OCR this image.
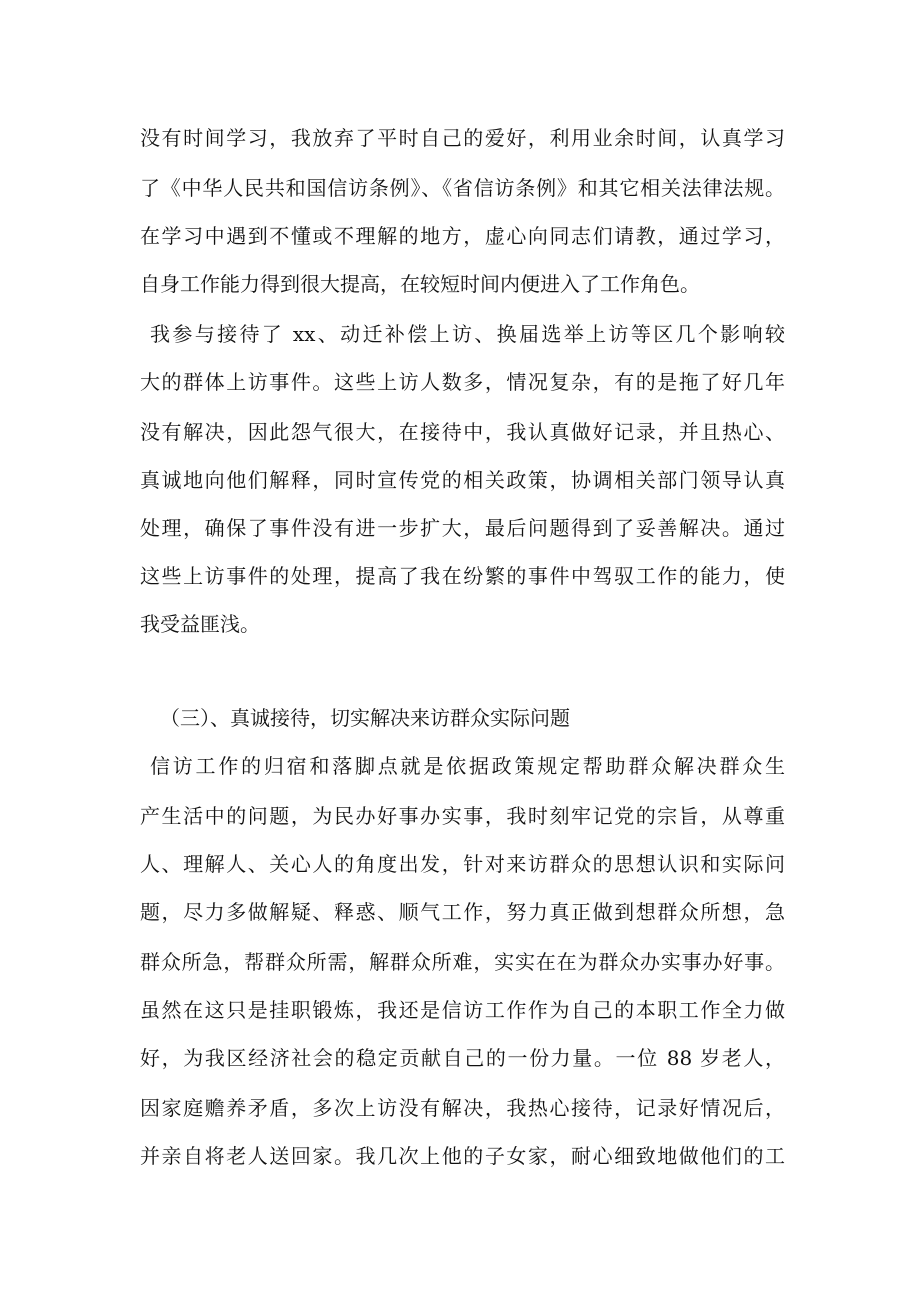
没有时间学习，我放弃了平时自己的爱好，利用业余时间，认真学习
了《中华人民共和国信访条例》、《省信访条例》和其它相关法律法规。
在学习中遇到不懂或不理解的地方，虚心向同志们请教，通过学习，
自身工作能力得到很大提高，在较短时间内便进入了工作角色。
我参与接待了 xx、动迁补偿上访、换届选举上访等区几个影响较
大的群体上访事件。这些上访人数多，情况复杂，有的是拖了好几年
没有解决，因此怨气很大，在接待中，我认真做好记录，并且热心、
真诚地向他们解释，同时宣传党的相关政策，协调相关部门领导认真
处理，确保了事件没有进一步扩大，最后问题得到了妥善解决。通过
这些上访事件的处理，提高了我在纷繁的事件中驾驭工作的能力，使
我受益匪浅。
（三）、真诚接待，切实解决来访群众实际问题
信访工作的归宿和落脚点就是依据政策规定帮助群众解决群众生
产生活中的问题，为民办好事办实事，我时刻牢记党的宗旨，从尊重
人、理解人、关心人的角度出发，针对来访群众的思想认识和实际问
题，尽力多做解疑、释惑、顺气工作，努力真正做到想群众所想，急
群众所急，帮群众所需，解群众所难，实实在在为群众办实事办好事。
虽然在这只是挂职锻炼，我还是信访工作作为自己的本职工作全力做
好，为我区经济社会的稳定贡献自己的一份力量。一位 88 岁老人，
因家庭赡养矛盾，多次上访没有解决，我热心接待，记录好情况后，
并亲自将老人送回家。我几次上他的子女家，耐心细致地做他们的工
